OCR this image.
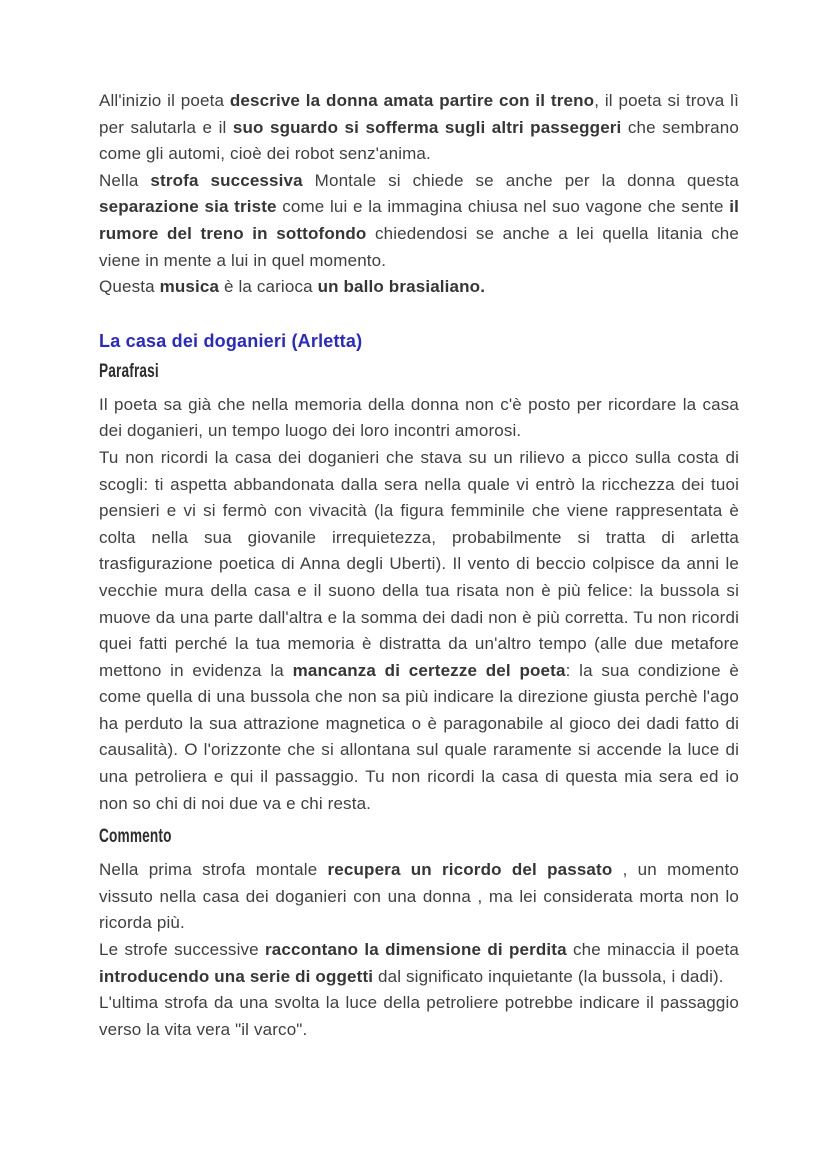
All'inizio il poeta descrive la donna amata partire con il treno, il poeta si trova lì per salutarla e il suo sguardo si sofferma sugli altri passeggeri che sembrano come gli automi, cioè dei robot senz'anima.

Nella strofa successiva Montale si chiede se anche per la donna questa separazione sia triste come lui e la immagina chiusa nel suo vagone che sente il rumore del treno in sottofondo chiedendosi se anche a lei quella litania che viene in mente a lui in quel momento.

Questa musica è la carioca un ballo brasialiano.

La casa dei doganieri (Arletta)
Parafrasi

Il poeta sa già che nella memoria della donna non c'è posto per ricordare la casa dei doganieri, un tempo luogo dei loro incontri amorosi.

Tu non ricordi la casa dei doganieri che stava su un rilievo a picco sulla costa di scogli: ti aspetta abbandonata dalla sera nella quale vi entrò la ricchezza dei tuoi pensieri e vi si fermò con vivacità (la figura femminile che viene rappresentata è colta nella sua giovanile irrequietezza, probabilmente si tratta di arletta trasfigurazione poetica di Anna degli Uberti). Il vento di beccio colpisce da anni le vecchie mura della casa e il suono della tua risata non è più felice: la bussola si muove da una parte dall'altra e la somma dei dadi non è più corretta. Tu non ricordi quei fatti perché la tua memoria è distratta da un'altro tempo (alle due metafore mettono in evidenza la mancanza di certezze del poeta: la sua condizione è come quella di una bussola che non sa più indicare la direzione giusta perchè l'ago ha perduto la sua attrazione magnetica o è paragonabile al gioco dei dadi fatto di causalità). O l'orizzonte che si allontana sul quale raramente si accende la luce di una petroliera e qui il passaggio. Tu non ricordi la casa di questa mia sera ed io non so chi di noi due va e chi resta.

Commento

Nella prima strofa montale recupera un ricordo del passato , un momento vissuto nella casa dei doganieri con una donna , ma lei considerata morta non lo ricorda più.

Le strofe successive raccontano la dimensione di perdita che minaccia il poeta introducendo una serie di oggetti dal significato inquietante (la bussola, i dadi).

L'ultima strofa da una svolta la luce della petroliere potrebbe indicare il passaggio verso la vita vera "il varco".
